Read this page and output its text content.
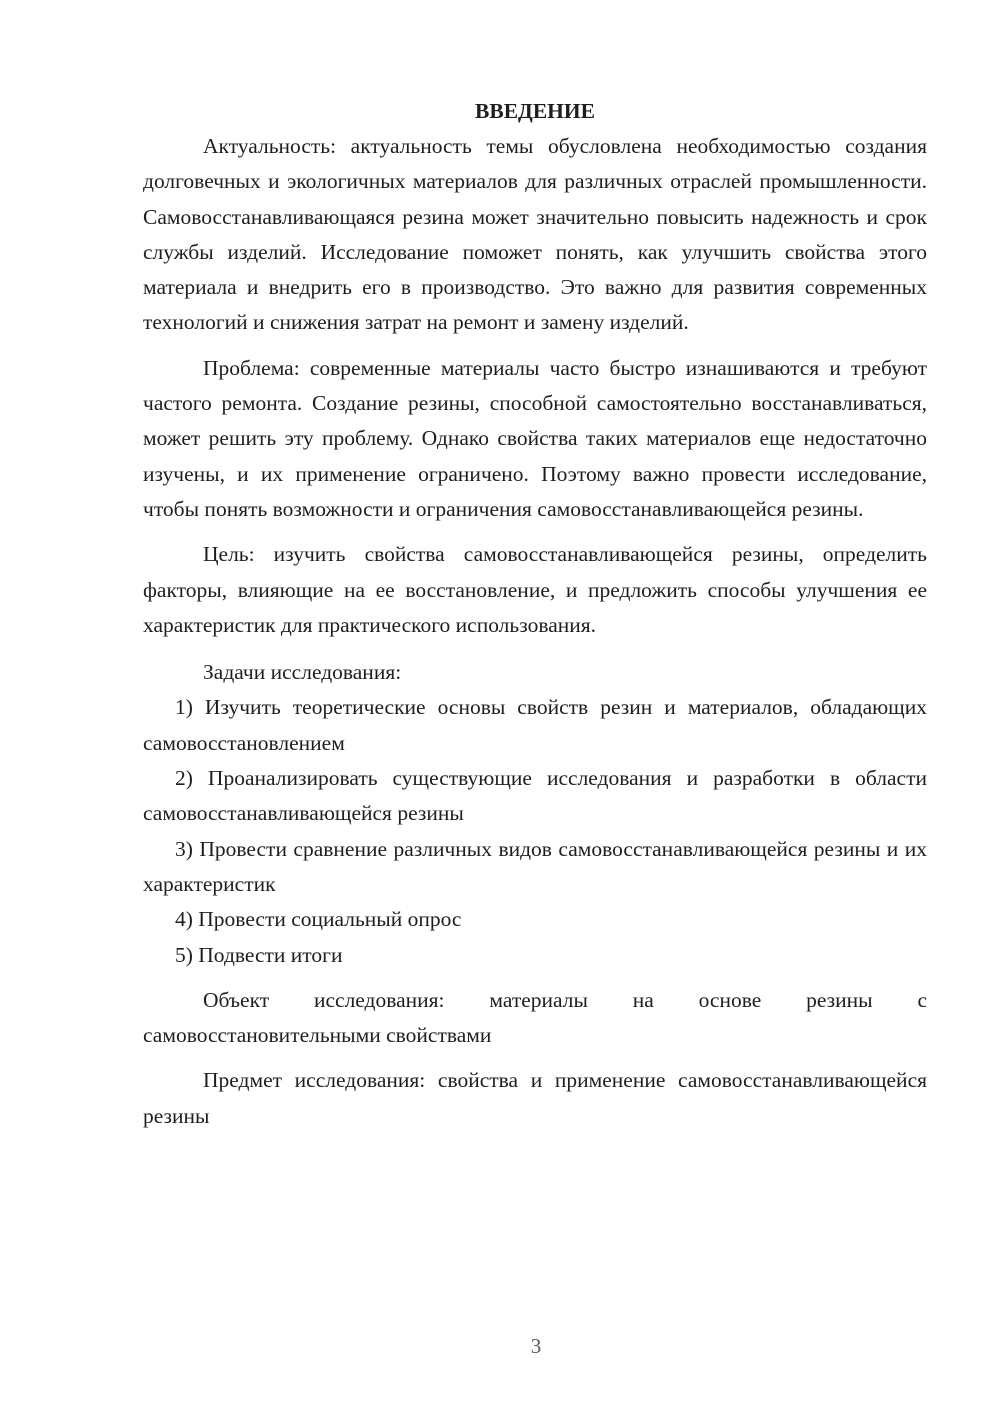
ВВЕДЕНИЕ

Актуальность: актуальность темы обусловлена необходимостью создания долговечных и экологичных материалов для различных отраслей промышленности. Самовосстанавливающаяся резина может значительно повысить надежность и срок службы изделий. Исследование поможет понять, как улучшить свойства этого материала и внедрить его в производство. Это важно для развития современных технологий и снижения затрат на ремонт и замену изделий.

Проблема: современные материалы часто быстро изнашиваются и требуют частого ремонта. Создание резины, способной самостоятельно восстанавливаться, может решить эту проблему. Однако свойства таких материалов еще недостаточно изучены, и их применение ограничено. Поэтому важно провести исследование, чтобы понять возможности и ограничения самовосстанавливающейся резины.

Цель: изучить свойства самовосстанавливающейся резины, определить факторы, влияющие на ее восстановление, и предложить способы улучшения ее характеристик для практического использования.

Задачи исследования:

1) Изучить теоретические основы свойств резин и материалов, обладающих самовосстановлением

2) Проанализировать существующие исследования и разработки в области самовосстанавливающейся резины

3) Провести сравнение различных видов самовосстанавливающейся резины и их характеристик

4) Провести социальный опрос

5) Подвести итоги

Объект исследования: материалы на основе резины с самовосстановительными свойствами

Предмет исследования: свойства и применение самовосстанавливающейся резины

3
